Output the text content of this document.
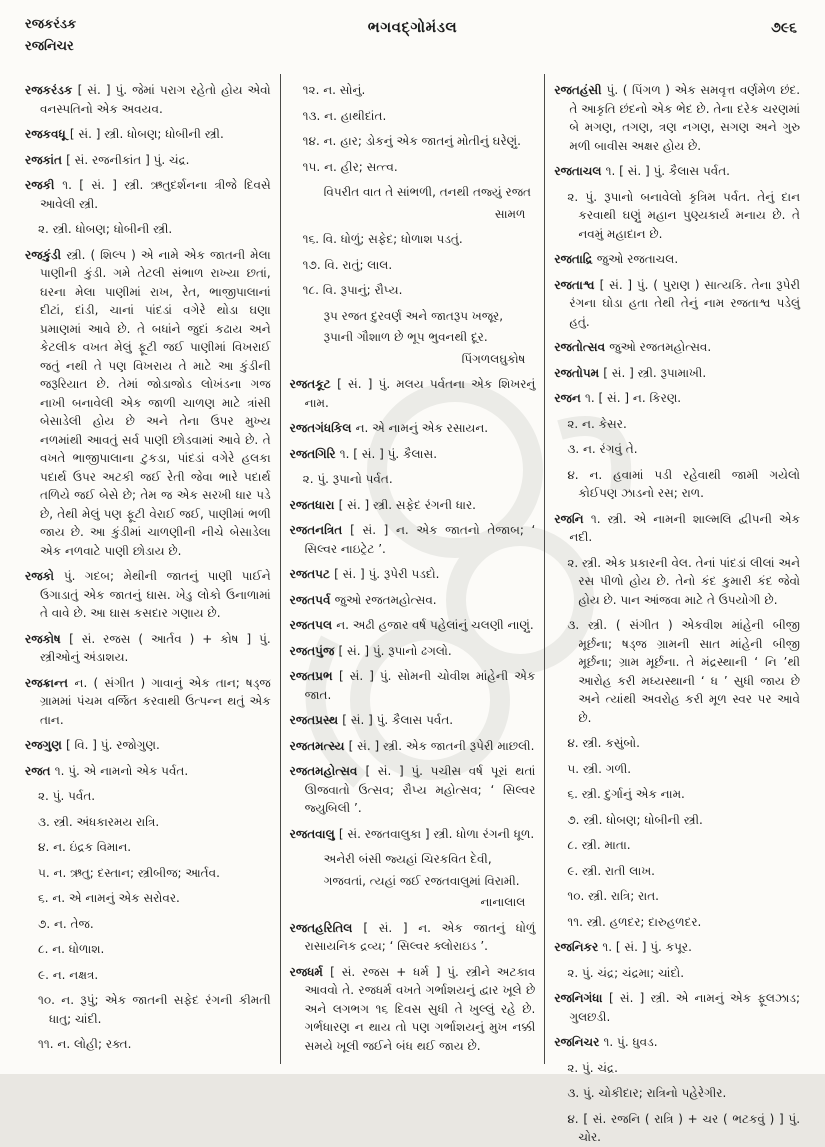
રજકરંડક
રજનિચર
ભગવદ્ગોમંડલ	૭૯૬

રજકરંડક [ સં. ] પું. જેમાં પરાગ રહેતો હોય એવો વનસ્પતિનો એક અવયવ.

રજકવધૂ [ સં. ] સ્ત્રી. ધોબણ; ધોબીની સ્ત્રી.

રજકાંત [ સં. રજનીકાંત ] પું. ચંદ્ર.

રજકી ૧. [ સં. ] સ્ત્રી. ઋતુદર્શનના ત્રીજે દિવસે આવેલી સ્ત્રી.

૨. સ્ત્રી. ધોબણ; ધોબીની સ્ત્રી.

રજકુંડી સ્ત્રી. ( શિલ્પ ) એ નામે એક જાતની મેલા પાણીની કુંડી. ગમે તેટલી સંભાળ રાખ્યા છતાં, ઘરના મેલા પાણીમાં રાખ, રેત, ભાજીપાલાનાં દીટાં, દાંડી, ચાનાં પાંદડાં વગેરે થોડા ઘણા પ્રમાણમાં આવે છે. તે બધાંને જુદાં કઢાય અને કેટલીક વખત મેલું ફૂટી જઈ પાણીમાં વિખરાઈ જતું નથી તે પણ વિખરાય તે માટે આ કુંડીની જરૂરિયાત છે. તેમાં જોડાજોડ લોખંડના ગજ નાખી બનાવેલી એક જાળી ચાળણ માટે ત્રાંસી બેસાડેલી હોય છે અને તેના ઉપર મુખ્ય નળમાંથી આવતું સર્વ પાણી છોડવામાં આવે છે. તે વખતે ભાજીપાલાના ટુકડા, પાંદડાં વગેરે હલકા પદાર્થ ઉપર અટકી જઈ રેતી જેવા ભારે પદાર્થ તળિયે જઈ બેસે છે; તેમ જ એક સરખી ધાર પડે છે, તેથી મેલું પણ ફૂટી વેરાઈ જઈ, પાણીમાં ભળી જાય છે. આ કુંડીમાં ચાળણીની નીચે બેસાડેલા એક નળવાટે પાણી છોડાય છે.

રજકો પું. ગદબ; મેથીની જાતનું પાણી પાઈને ઉગાડાતું એક જાતનું ઘાસ. ખેડુ લોકો ઉનાળામાં તે વાવે છે. આ ઘાસ કસદાર ગણાય છે.

રજકોષ [ સં. રજસ ( આર્તવ ) + કોષ ] પું. સ્ત્રીઓનું અંડાશય.

રજક્રાન્ત ન. ( સંગીત ) ગાવાનું એક તાન; ષડ્જ ગ્રામમાં પંચમ વર્જિત કરવાથી ઉત્પન્ન થતું એક તાન.

રજગુણ [ વિ. ] પું. રજોગુણ.

રજત ૧. પું. એ નામનો એક પર્વત.

૨. પું. પર્વત.

૩. સ્ત્રી. અંધકારમય રાત્રિ.

૪. ન. ઇંદ્રક વિમાન.

૫. ન. ઋતુ; દસ્તાન; સ્ત્રીબીજ; આર્તવ.

૬. ન. એ નામનું એક સરોવર.

૭. ન. તેજ.

૮. ન. ધોળાશ.

૯. ન. નક્ષત્ર.

૧૦. ન. રૂપું; એક જાતની સફેદ રંગની કીમતી ધાતુ; ચાંદી.

૧૧. ન. લોહી; રક્ત.

૧૨. ન. સોનું.

૧૩. ન. હાથીદાંત.

૧૪. ન. હાર; ડોકનું એક જાતનું મોતીનું ઘરેણું.

૧૫. ન. હીર; સત્ત્વ.

વિપરીત વાત તે સાંભળી, તનથી તજ્યું રજત

સામળ

૧૬. વિ. ધોળું; સફેદ; ધોળાશ પડતું.

૧૭. વિ. રાતું; લાલ.

૧૮. વિ. રૂપાનું; રૌપ્ય.

રૂપ રજત દુરવર્ણ અને જાતરૂપ ખજૂર,

રૂપાની ગૌશાળ છે ભૂપ ભુવનથી દૂર.

પિંગળલઘુકોષ

રજતકૂટ [ સં. ] પું. મલય પર્વતના એક શિખરનું નામ.

રજતગંધકિલ ન. એ નામનું એક રસાયન.

રજતગિરિ ૧. [ સં. ] પું. કૈલાસ.

૨. પું. રૂપાનો પર્વત.

રજતધારા [ સં. ] સ્ત્રી. સફેદ રંગની ધાર.

રજતનત્રિત [ સં. ] ન. એક જાતનો તેજાબ; ‘ સિલ્વર નાઇટ્રેટ ’.

રજતપટ [ સં. ] પું. રૂપેરી પડદો.

રજતપર્વ જુઓ રજતમહોત્સવ.

રજતપલ ન. અઢી હજાર વર્ષ પહેલાંનું ચલણી નાણું.

રજતપુંજ [ સં. ] પું. રૂપાનો ઢગલો.

રજતપ્રભ [ સં. ] પું. સોમની ચોવીશ માંહેની એક જાત.

રજતપ્રસ્થ [ સં. ] પું. કૈલાસ પર્વત.

રજતમત્સ્ય [ સં. ] સ્ત્રી. એક જાતની રૂપેરી માછલી.

રજતમહોત્સવ [ સં. ] પું. પચીસ વર્ષ પૂરાં થતાં ઊજવાતો ઉત્સવ; રૌપ્ય મહોત્સવ; ‘ સિલ્વર જ્યુબિલી ’.

રજતવાલુ [ સં. રજતવાલુકા ] સ્ત્રી. ધોળા રંગની ધૂળ.

અનેરી બંસી જ્યહાં ચિરકવિત દેવી,

ગજવતાં, ત્યહાં જઈ રજતવાલુમાં વિરામી.

નાનાલાલ

રજતહરિતિલ [ સં. ] ન. એક જાતનું ધોળું રાસાયનિક દ્રવ્ય; ‘ સિલ્વર ક્લોરાઇડ ’.

રજધર્મ [ સં. રજસ + ધર્મ ] પું. સ્ત્રીને અટકાવ આવવો તે. રજધર્મ વખતે ગર્ભાશયનું દ્વાર ખૂલે છે અને લગભગ ૧૬ દિવસ સુધી તે ખુલ્લું રહે છે. ગર્ભધારણ ન થાય તો પણ ગર્ભાશયનું મુખ નક્કી સમયે ખૂલી જઈને બંધ થઈ જાય છે.

રજતહંસી પું. ( પિંગળ ) એક સમવૃત્ત વર્ણમેળ છંદ. તે આકૃતિ છંદનો એક ભેદ છે. તેના દરેક ચરણમાં બે મગણ, તગણ, ત્રણ નગણ, સગણ અને ગુરુ મળી બાવીસ અક્ષર હોય છે.

રજતાચલ ૧. [ સં. ] પું. કૈલાસ પર્વત.

૨. પું. રૂપાનો બનાવેલો કૃત્રિમ પર્વત. તેનું દાન કરવાથી ઘણું મહાન પુણ્યકાર્ય મનાય છે. તે નવમું મહાદાન છે.

રજતાદ્રિ જુઓ રજતાચલ.

રજતાશ્વ [ સં. ] પું. ( પુરાણ ) સાત્યકિ. તેના રૂપેરી રંગના ઘોડા હતા તેથી તેનું નામ રજતાશ્વ પડેલું હતું.

રજતોત્સવ જુઓ રજતમહોત્સવ.

રજતોપમ [ સં. ] સ્ત્રી. રૂપામાખી.

રજન ૧. [ સં. ] ન. કિરણ.

૨. ન. કેસર.

૩. ન. રંગવું તે.

૪. ન. હવામાં પડી રહેવાથી જામી ગયેલો કોઈપણ ઝાડનો રસ; રાળ.

રજનિ ૧. સ્ત્રી. એ નામની શાલ્મલિ દ્વીપની એક નદી.

૨. સ્ત્રી. એક પ્રકારની વેલ. તેનાં પાંદડાં લીલાં અને રસ પીળો હોય છે. તેનો કંદ કુમારી કંદ જેવો હોય છે. પાન આંજવા માટે તે ઉપયોગી છે.

૩. સ્ત્રી. ( સંગીત ) એકવીશ માંહેની બીજી મૂર્છના; ષડ્જ ગ્રામની સાત માંહેની બીજી મૂર્છના; ગ્રામ મૂર્છના. તે મંદ્રસ્થાની ‘ નિ ’થી આરોહ કરી મધ્યસ્થાની ‘ ધ ’ સુધી જાય છે અને ત્યાંથી અવરોહ કરી મૂળ સ્વર પર આવે છે.

૪. સ્ત્રી. કસુંબો.

૫. સ્ત્રી. ગળી.

૬. સ્ત્રી. દુર્ગાનું એક નામ.

૭. સ્ત્રી. ધોબણ; ધોબીની સ્ત્રી.

૮. સ્ત્રી. માતા.

૯. સ્ત્રી. રાતી લાખ.

૧૦. સ્ત્રી. રાત્રિ; રાત.

૧૧. સ્ત્રી. હળદર; દારુહળદર.

રજનિકર ૧. [ સં. ] પું. કપૂર.

૨. પું. ચંદ્ર; ચંદ્રમા; ચાંદો.

રજનિગંધા [ સં. ] સ્ત્રી. એ નામનું એક ફૂલઝાડ; ગુલછડી.

રજનિચર ૧. પું. ધુવડ.

૨. પું. ચંદ્ર.

૩. પું. ચોકીદાર; રાત્રિનો પહેરેગીર.

૪. [ સં. રજનિ ( રાત્રિ ) + ચર ( ભટકવું ) ] પું. ચોર.
